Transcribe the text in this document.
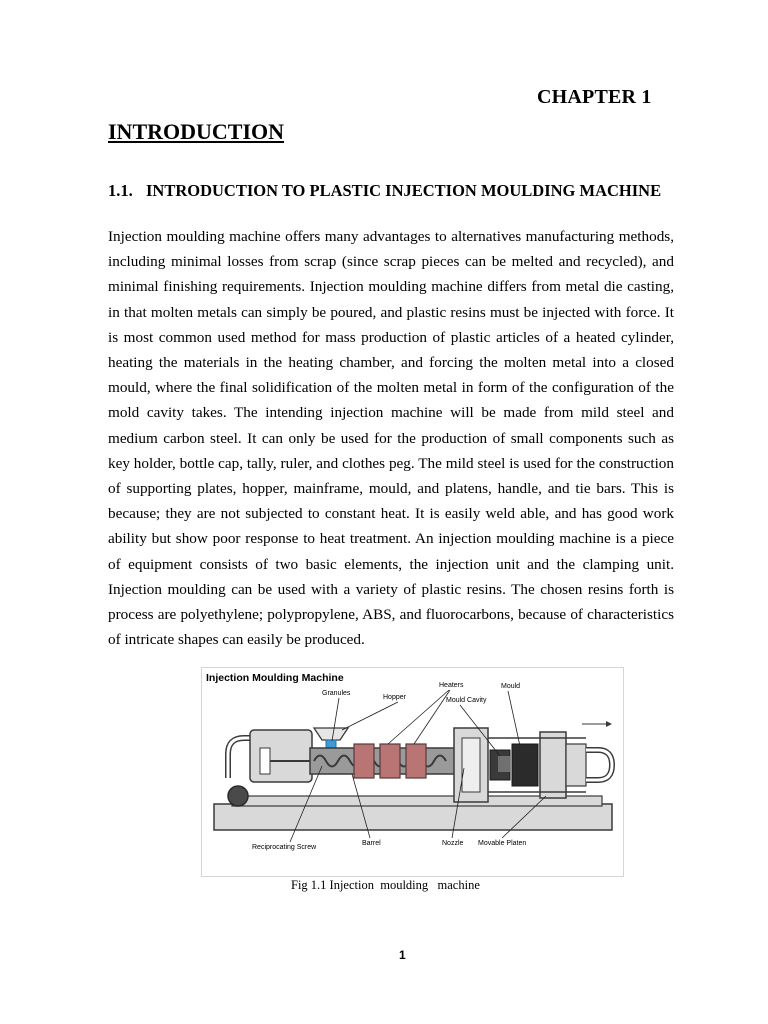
CHAPTER 1
INTRODUCTION
1.1. INTRODUCTION TO PLASTIC INJECTION MOULDING MACHINE

Injection moulding machine offers many advantages to alternatives manufacturing methods, including minimal losses from scrap (since scrap pieces can be melted and recycled), and minimal finishing requirements. Injection moulding machine differs from metal die casting, in that molten metals can simply be poured, and plastic resins must be injected with force. It is most common used method for mass production of plastic articles of a heated cylinder, heating the materials in the heating chamber, and forcing the molten metal into a closed mould, where the final solidification of the molten metal in form of the configuration of the mold cavity takes. The intending injection machine will be made from mild steel and medium carbon steel. It can only be used for the production of small components such as key holder, bottle cap, tally, ruler, and clothes peg. The mild steel is used for the construction of supporting plates, hopper, mainframe, mould, and platens, handle, and tie bars. This is because; they are not subjected to constant heat. It is easily weld able, and has good work ability but show poor response to heat treatment. An injection moulding machine is a piece of equipment consists of two basic elements, the injection unit and the clamping unit. Injection moulding can be used with a variety of plastic resins. The chosen resins forth is process are polyethylene; polypropylene, ABS, and fluorocarbons, because of characteristics of intricate shapes can easily be produced.

Injection Moulding Machine
Granules
Hopper
Heaters	Mould
Mould Cavity
Reciprocating Screw
Barrel	Nozzle Movable Platen
Fig 1.1 Injection  moulding   machine
1
